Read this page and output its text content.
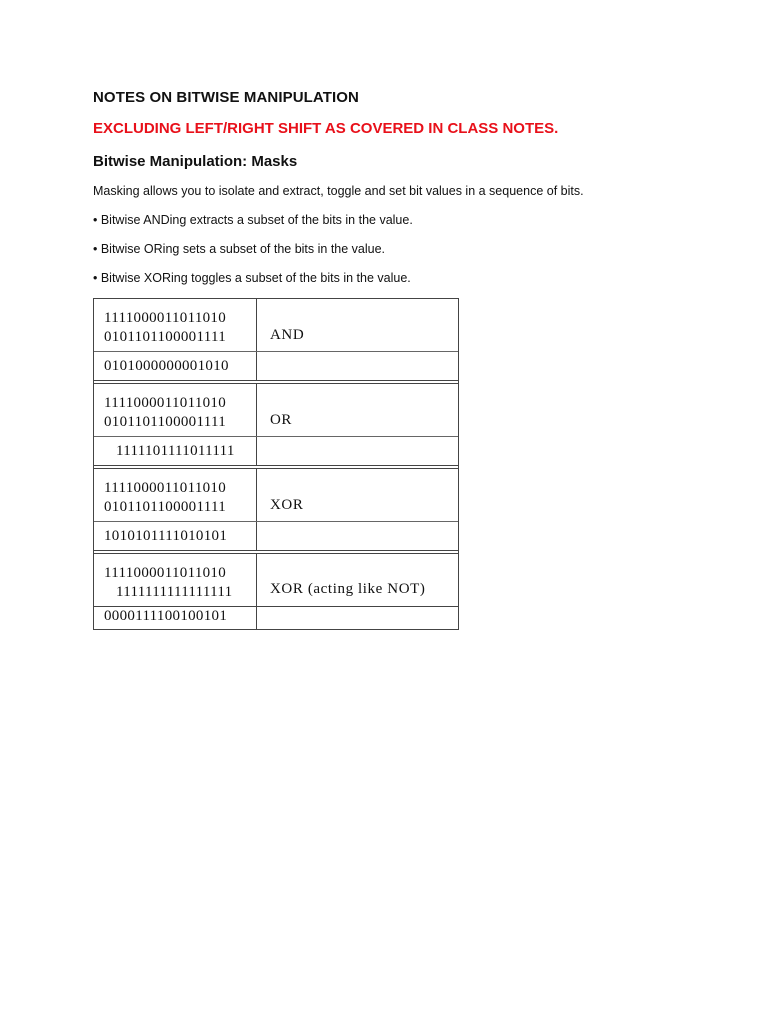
NOTES ON BITWISE MANIPULATION
EXCLUDING LEFT/RIGHT SHIFT AS COVERED IN CLASS NOTES.
Bitwise Manipulation: Masks
Masking allows you to isolate and extract, toggle and set bit values in a sequence of bits.
• Bitwise ANDing extracts a subset of the bits in the value.
• Bitwise ORing sets a subset of the bits in the value.
• Bitwise XORing toggles a subset of the bits in the value.
1111000011011010
0101101100001111	AND
0101000000001010
1111000011011010
0101101100001111	OR
1111101111011111
1111000011011010
0101101100001111	XOR
1010101111010101
1111000011011010
1111111111111111	XOR (acting like NOT)
0000111100100101
